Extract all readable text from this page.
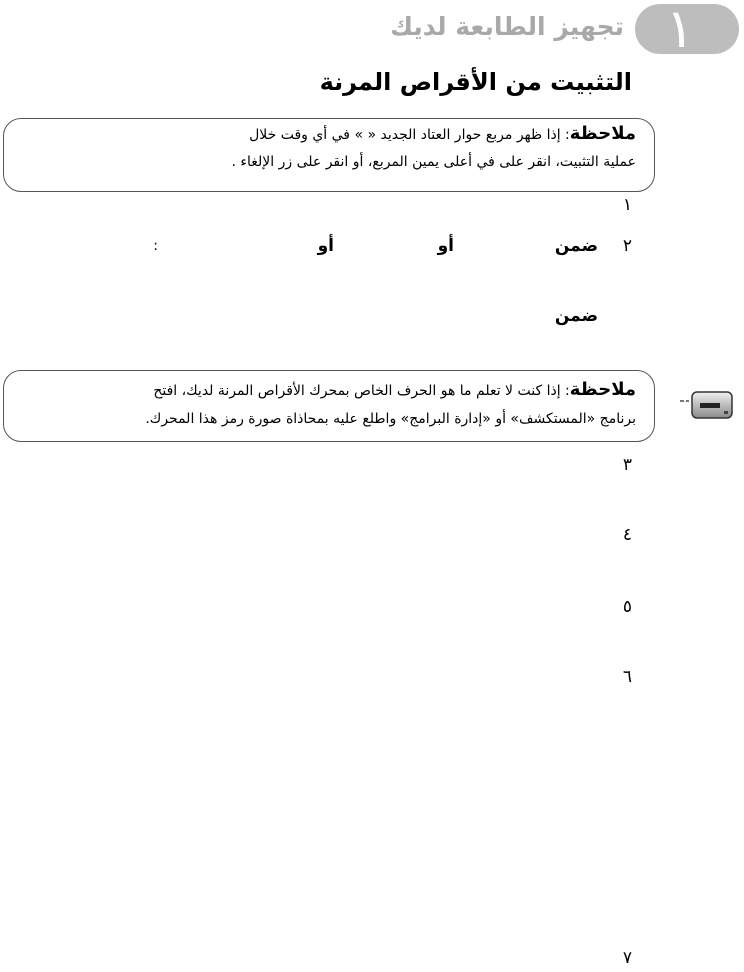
١
تجهيز الطابعة لديك
التثبيت من الأقراص المرنة
ملاحظة: إذا ظهر مربع حوار العتاد الجديد « » في أي وقت خلال
عملية التثبيت، انقر على في أعلى يمين المربع، أو انقر على زر الإلغاء .
١
٢
ضمن
أو
أو
:
ضمن
ملاحظة: إذا كنت لا تعلم ما هو الحرف الخاص بمحرك الأقراص المرنة لديك، افتح
برنامج «المستكشف» أو «إدارة البرامج» واطلع عليه بمحاذاة صورة رمز هذا المحرك.
٣
٤
٥
٦
٧
